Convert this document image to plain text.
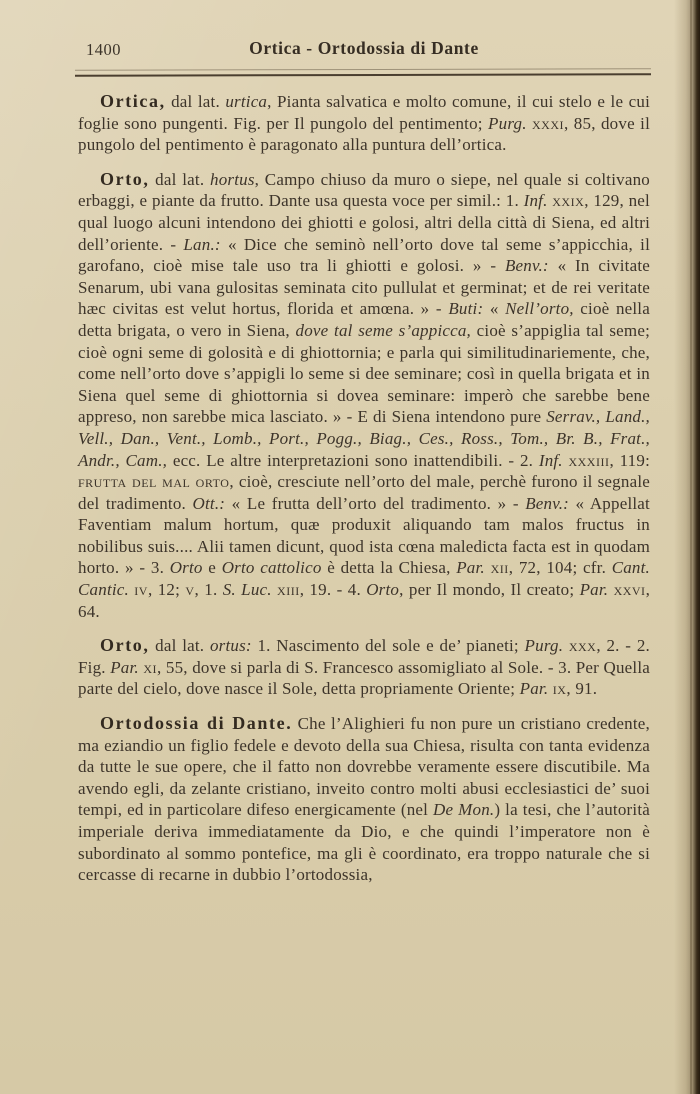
1400	Ortica - Ortodossia di Dante

Ortica, dal lat. urtica, Pianta salvatica e molto comune, il cui stelo e le cui foglie sono pungenti. Fig. per Il pungolo del pentimento; Purg. xxxi, 85, dove il pungolo del pentimento è paragonato alla puntura dell’ortica.

Orto, dal lat. hortus, Campo chiuso da muro o siepe, nel quale si coltivano erbaggi, e piante da frutto. Dante usa questa voce per simil.: 1. Inf. xxix, 129, nel qual luogo alcuni intendono dei ghiotti e golosi, altri della città di Siena, ed altri dell’oriente. - Lan.: « Dice che seminò nell’orto dove tal seme s’appicchia, il garofano, cioè mise tale uso tra li ghiotti e golosi. » - Benv.: « In civitate Senarum, ubi vana gulositas seminata cito pullulat et germinat; et de rei veritate hæc civitas est velut hortus, florida et amœna. » - Buti: « Nell’orto, cioè nella detta brigata, o vero in Siena, dove tal seme s’appicca, cioè s’appiglia tal seme; cioè ogni seme di golosità e di ghiottornia; e parla qui similitudinariemente, che, come nell’orto dove s’appigli lo seme si dee seminare; così in quella brigata et in Siena quel seme di ghiottornia si dovea seminare: imperò che sarebbe bene appreso, non sarebbe mica lasciato. » - E di Siena intendono pure Serrav., Land., Vell., Dan., Vent., Lomb., Port., Pogg., Biag., Ces., Ross., Tom., Br. B., Frat., Andr., Cam., ecc. Le altre interpretazioni sono inattendibili. - 2. Inf. xxxiii, 119: frutta del mal orto, cioè, cresciute nell’orto del male, perchè furono il segnale del tradimento. Ott.: « Le frutta dell’orto del tradimento. » - Benv.: « Appellat Faventiam malum hortum, quæ produxit aliquando tam malos fructus in nobilibus suis.... Alii tamen dicunt, quod ista cœna maledicta facta est in quodam horto. » - 3. Orto e Orto cattolico è detta la Chiesa, Par. xii, 72, 104; cfr. Cant. Cantic. iv, 12; v, 1. S. Luc. xiii, 19. - 4. Orto, per Il mondo, Il creato; Par. xxvi, 64.

Orto, dal lat. ortus: 1. Nascimento del sole e de’ pianeti; Purg. xxx, 2. - 2. Fig. Par. xi, 55, dove si parla di S. Francesco assomigliato al Sole. - 3. Per Quella parte del cielo, dove nasce il Sole, detta propriamente Oriente; Par. ix, 91.

Ortodossia di Dante. Che l’Alighieri fu non pure un cristiano credente, ma eziandio un figlio fedele e devoto della sua Chiesa, risulta con tanta evidenza da tutte le sue opere, che il fatto non dovrebbe veramente essere discutibile. Ma avendo egli, da zelante cristiano, inveito contro molti abusi ecclesiastici de’ suoi tempi, ed in particolare difeso energicamente (nel De Mon.) la tesi, che l’autorità imperiale deriva immediatamente da Dio, e che quindi l’imperatore non è subordinato al sommo pontefice, ma gli è coordinato, era troppo naturale che si cercasse di recarne in dubbio l’ortodossia,
